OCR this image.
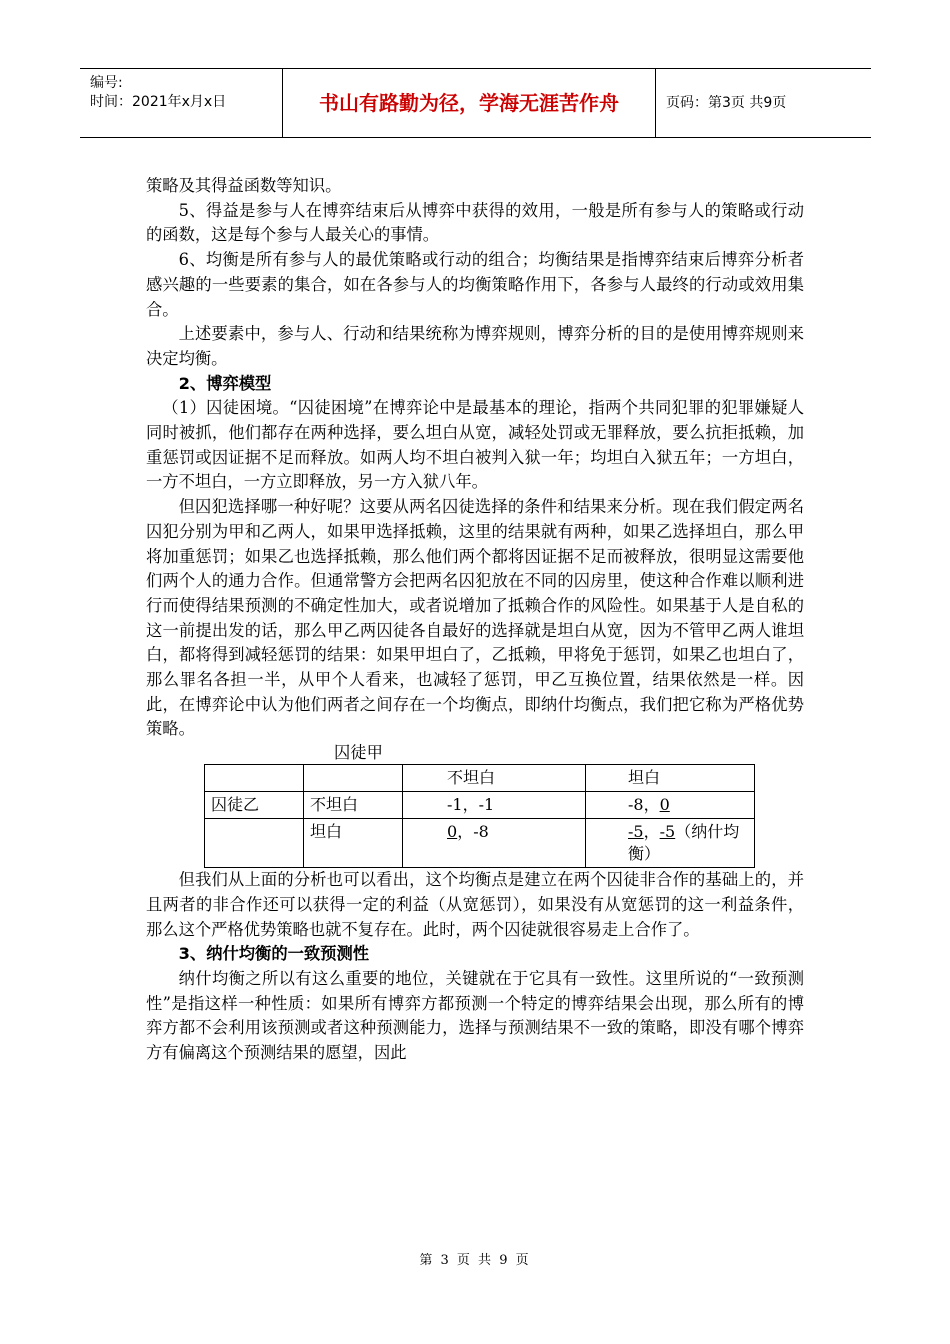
编号:
时间：2021年x月x日	书山有路勤为径，学海无涯苦作舟	页码：第3页 共9页

策略及其得益函数等知识。

5、得益是参与人在博弈结束后从博弈中获得的效用，一般是所有参与人的策略或行动的函数，这是每个参与人最关心的事情。

6、均衡是所有参与人的最优策略或行动的组合；均衡结果是指博弈结束后博弈分析者感兴趣的一些要素的集合，如在各参与人的均衡策略作用下，各参与人最终的行动或效用集合。

上述要素中，参与人、行动和结果统称为博弈规则，博弈分析的目的是使用博弈规则来决定均衡。

2、博弈模型

（1）囚徒困境。“囚徒困境”在博弈论中是最基本的理论，指两个共同犯罪的犯罪嫌疑人同时被抓，他们都存在两种选择，要么坦白从宽，减轻处罚或无罪释放，要么抗拒抵赖，加重惩罚或因证据不足而释放。如两人均不坦白被判入狱一年；均坦白入狱五年；一方坦白，一方不坦白，一方立即释放，另一方入狱八年。

但囚犯选择哪一种好呢？这要从两名囚徒选择的条件和结果来分析。现在我们假定两名囚犯分别为甲和乙两人，如果甲选择抵赖，这里的结果就有两种，如果乙选择坦白，那么甲将加重惩罚；如果乙也选择抵赖，那么他们两个都将因证据不足而被释放，很明显这需要他们两个人的通力合作。但通常警方会把两名囚犯放在不同的囚房里，使这种合作难以顺利进行而使得结果预测的不确定性加大，或者说增加了抵赖合作的风险性。如果基于人是自私的这一前提出发的话，那么甲乙两囚徒各自最好的选择就是坦白从宽，因为不管甲乙两人谁坦白，都将得到减轻惩罚的结果：如果甲坦白了，乙抵赖，甲将免于惩罚，如果乙也坦白了，那么罪名各担一半，从甲个人看来，也减轻了惩罚，甲乙互换位置，结果依然是一样。因此，在博弈论中认为他们两者之间存在一个均衡点，即纳什均衡点，我们把它称为严格优势策略。

囚徒甲
		不坦白	坦白
囚徒乙	不坦白	-1，-1	-8，0
	坦白	0，-8	-5，-5（纳什均衡）

但我们从上面的分析也可以看出，这个均衡点是建立在两个囚徒非合作的基础上的，并且两者的非合作还可以获得一定的利益（从宽惩罚），如果没有从宽惩罚的这一利益条件，那么这个严格优势策略也就不复存在。此时，两个囚徒就很容易走上合作了。

3、纳什均衡的一致预测性

纳什均衡之所以有这么重要的地位，关键就在于它具有一致性。这里所说的“一致预测性”是指这样一种性质：如果所有博弈方都预测一个特定的博弈结果会出现，那么所有的博弈方都不会利用该预测或者这种预测能力，选择与预测结果不一致的策略，即没有哪个博弈方有偏离这个预测结果的愿望，因此

第 3 页 共 9 页
